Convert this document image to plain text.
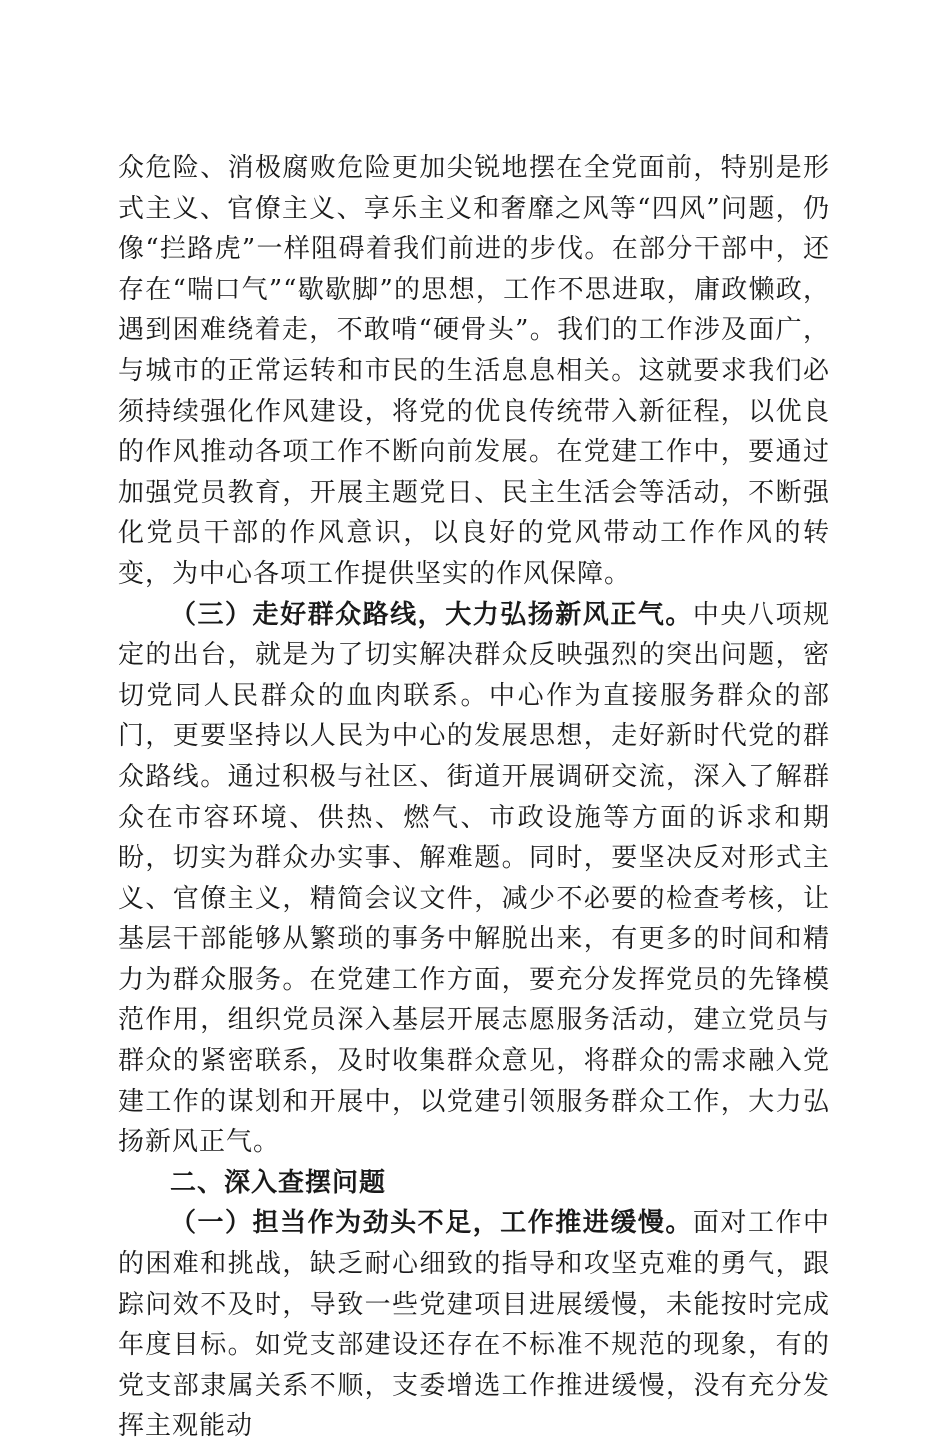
众危险、消极腐败危险更加尖锐地摆在全党面前，特别是形式主义、官僚主义、享乐主义和奢靡之风等“四风”问题，仍像“拦路虎”一样阻碍着我们前进的步伐。在部分干部中，还存在“喘口气”“歇歇脚”的思想，工作不思进取，庸政懒政，遇到困难绕着走，不敢啃“硬骨头”。我们的工作涉及面广，与城市的正常运转和市民的生活息息相关。这就要求我们必须持续强化作风建设，将党的优良传统带入新征程，以优良的作风推动各项工作不断向前发展。在党建工作中，要通过加强党员教育，开展主题党日、民主生活会等活动，不断强化党员干部的作风意识，以良好的党风带动工作作风的转变，为中心各项工作提供坚实的作风保障。

（三）走好群众路线，大力弘扬新风正气。中央八项规定的出台，就是为了切实解决群众反映强烈的突出问题，密切党同人民群众的血肉联系。中心作为直接服务群众的部门，更要坚持以人民为中心的发展思想，走好新时代党的群众路线。通过积极与社区、街道开展调研交流，深入了解群众在市容环境、供热、燃气、市政设施等方面的诉求和期盼，切实为群众办实事、解难题。同时，要坚决反对形式主义、官僚主义，精简会议文件，减少不必要的检查考核，让基层干部能够从繁琐的事务中解脱出来，有更多的时间和精力为群众服务。在党建工作方面，要充分发挥党员的先锋模范作用，组织党员深入基层开展志愿服务活动，建立党员与群众的紧密联系，及时收集群众意见，将群众的需求融入党建工作的谋划和开展中，以党建引领服务群众工作，大力弘扬新风正气。

二、深入查摆问题

（一）担当作为劲头不足，工作推进缓慢。面对工作中的困难和挑战，缺乏耐心细致的指导和攻坚克难的勇气，跟踪问效不及时，导致一些党建项目进展缓慢，未能按时完成年度目标。如党支部建设还存在不标准不规范的现象，有的党支部隶属关系不顺，支委增选工作推进缓慢，没有充分发挥主观能动
